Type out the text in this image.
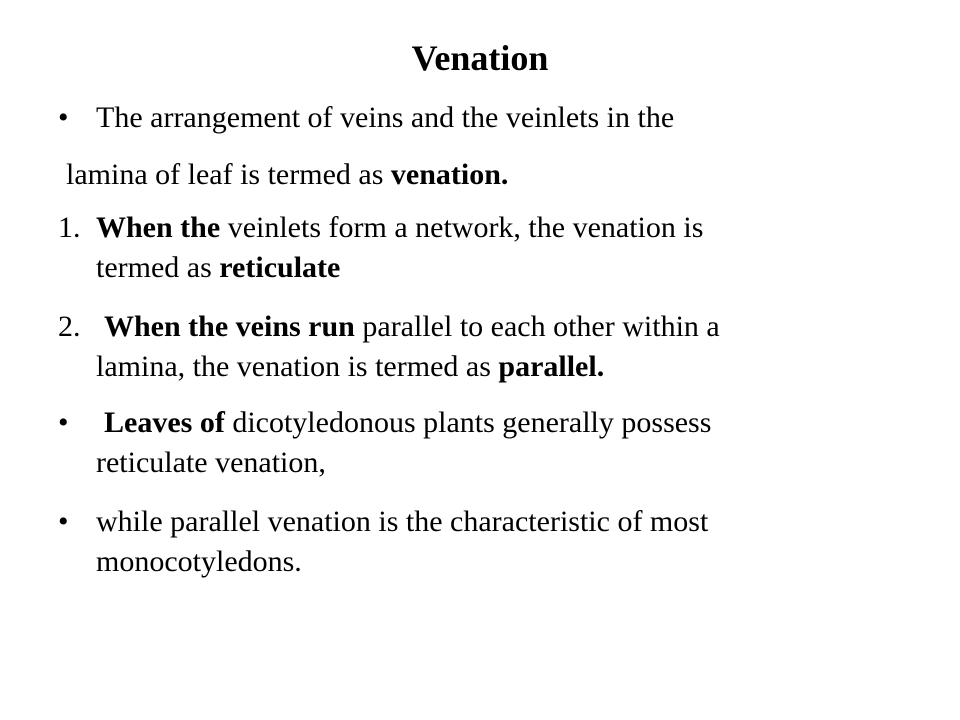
Venation
• The arrangement of veins and the veinlets in the
lamina of leaf is termed as venation.
1. When the veinlets form a network, the venation is
termed as reticulate
2. When the veins run parallel to each other within a
lamina, the venation is termed as parallel.
• Leaves of dicotyledonous plants generally possess
reticulate venation,
• while parallel venation is the characteristic of most
monocotyledons.
